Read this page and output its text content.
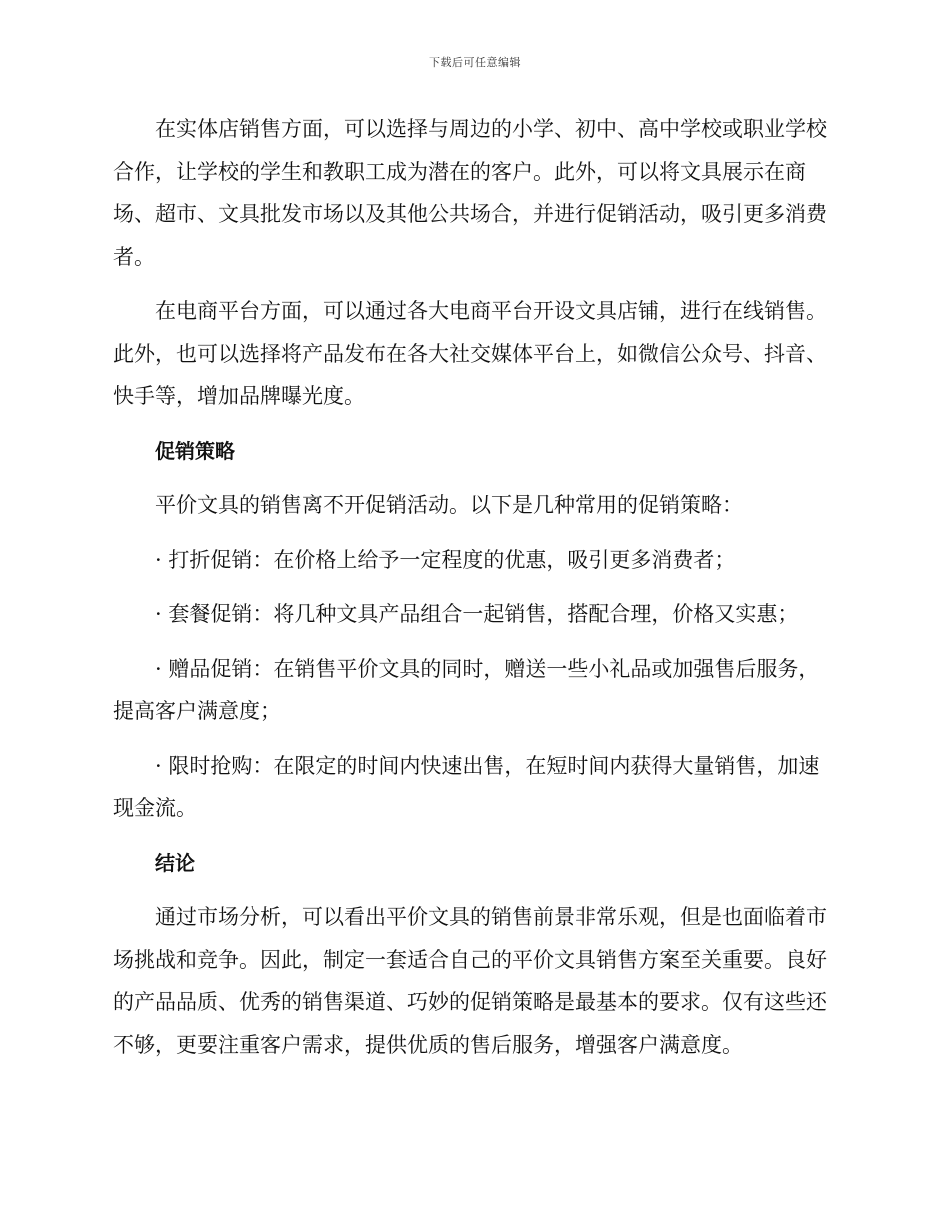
下载后可任意编辑

在实体店销售方面，可以选择与周边的小学、初中、高中学校或职业学校合作，让学校的学生和教职工成为潜在的客户。此外，可以将文具展示在商场、超市、文具批发市场以及其他公共场合，并进行促销活动，吸引更多消费者。

在电商平台方面，可以通过各大电商平台开设文具店铺，进行在线销售。此外，也可以选择将产品发布在各大社交媒体平台上，如微信公众号、抖音、快手等，增加品牌曝光度。

促销策略

平价文具的销售离不开促销活动。以下是几种常用的促销策略：

· 打折促销：在价格上给予一定程度的优惠，吸引更多消费者；

· 套餐促销：将几种文具产品组合一起销售，搭配合理，价格又实惠；

· 赠品促销：在销售平价文具的同时，赠送一些小礼品或加强售后服务，提高客户满意度；

· 限时抢购：在限定的时间内快速出售，在短时间内获得大量销售，加速现金流。

结论

通过市场分析，可以看出平价文具的销售前景非常乐观，但是也面临着市场挑战和竞争。因此，制定一套适合自己的平价文具销售方案至关重要。良好的产品品质、优秀的销售渠道、巧妙的促销策略是最基本的要求。仅有这些还不够，更要注重客户需求，提供优质的售后服务，增强客户满意度。
